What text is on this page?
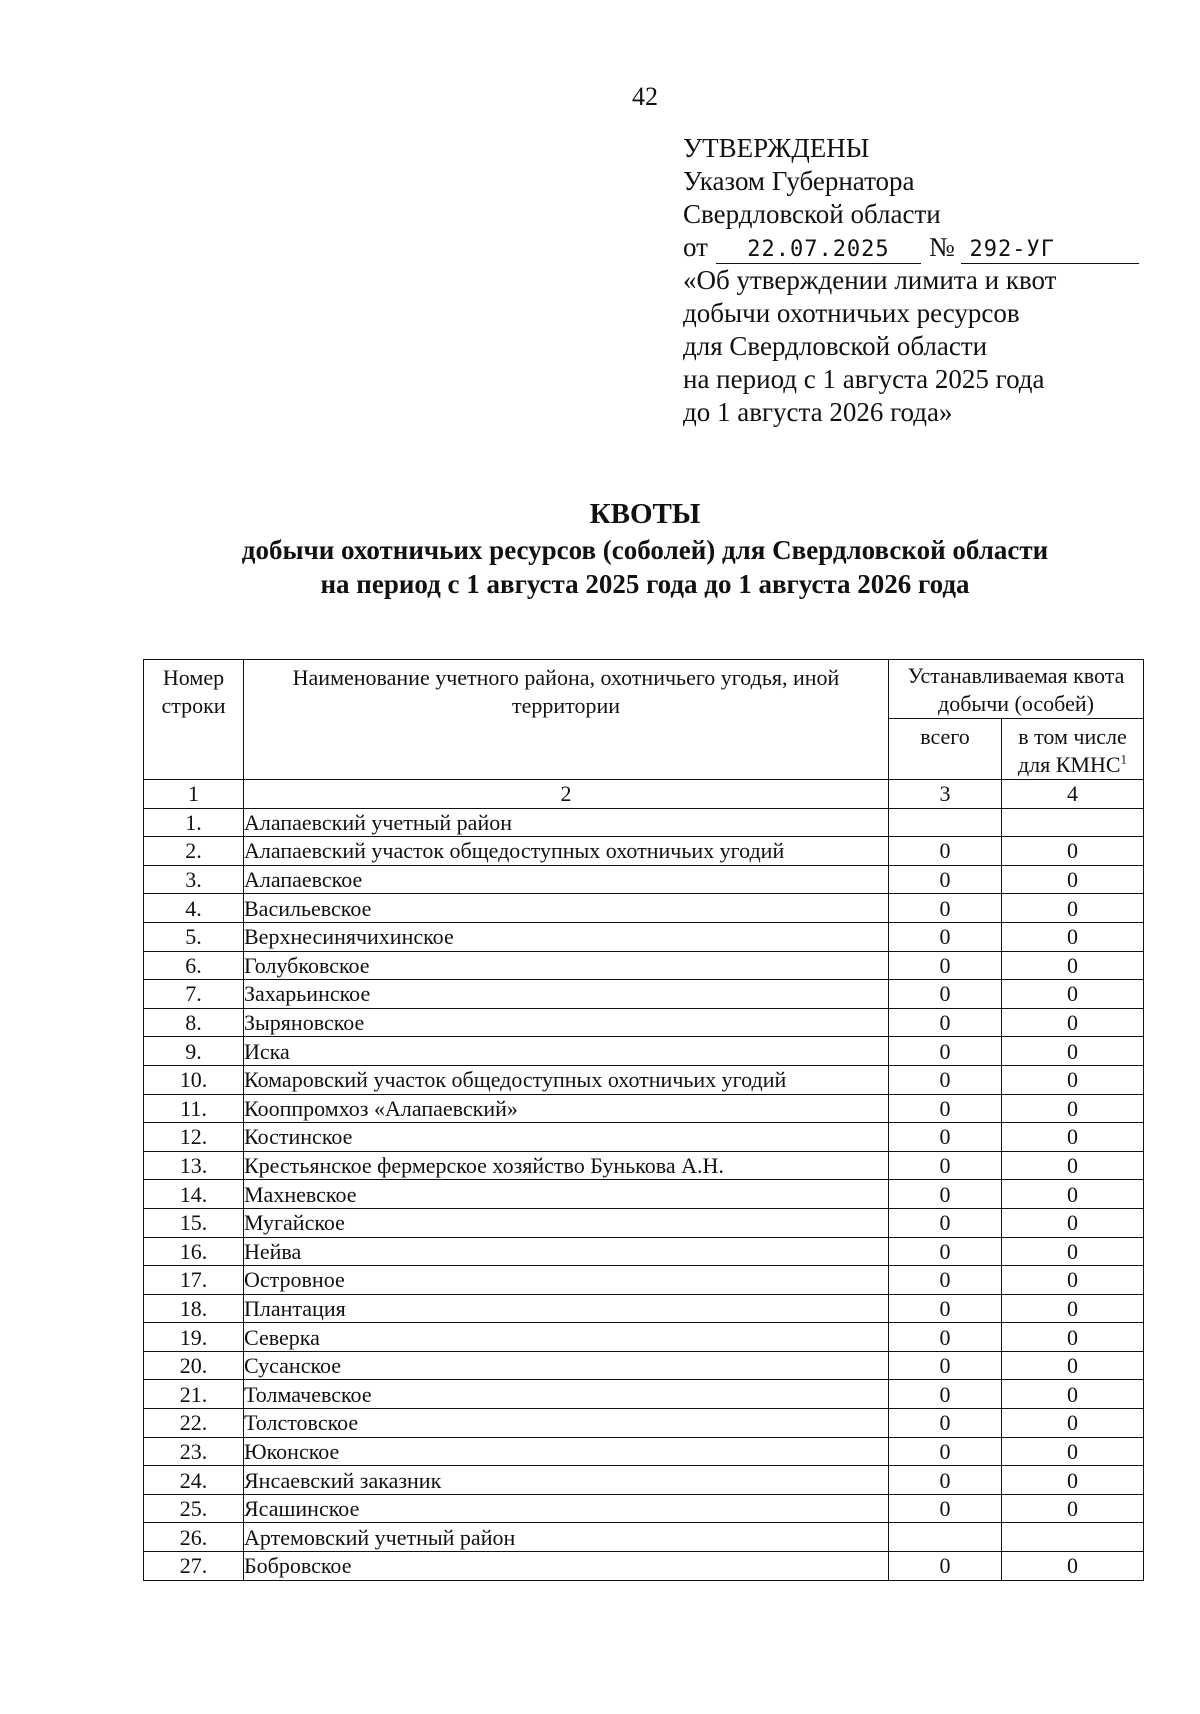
42
УТВЕРЖДЕНЫ
Указом Губернатора
Свердловской области
от 22.07.2025 № 292-УГ
«Об утверждении лимита и квот
добычи охотничьих ресурсов
для Свердловской области
на период с 1 августа 2025 года
до 1 августа 2026 года»
КВОТЫ
добычи охотничьих ресурсов (соболей) для Свердловской области
на период с 1 августа 2025 года до 1 августа 2026 года
Номер строки	Наименование учетного района, охотничьего угодья, иной территории	Устанавливаемая квота добычи (особей)	

		всего	в том числе для КМНС$^1$
1	2	3	4
1.	Алапаевский учетный район		
2.	Алапаевский участок общедоступных охотничьих угодий	0	0
3.	Алапаевское	0	0
4.	Васильевское	0	0
5.	Верхнесинячихинское	0	0
6.	Голубковское	0	0
7.	Захарьинское	0	0
8.	Зыряновское	0	0
9.	Иска	0	0
10.	Комаровский участок общедоступных охотничьих угодий	0	0
11.	Кооппромхоз «Алапаевский»	0	0
12.	Костинское	0	0
13.	Крестьянское фермерское хозяйство Бунькова А.Н.	0	0
14.	Махневское	0	0
15.	Мугайское	0	0
16.	Нейва	0	0
17.	Островное	0	0
18.	Плантация	0	0
19.	Северка	0	0
20.	Сусанское	0	0
21.	Толмачевское	0	0
22.	Толстовское	0	0
23.	Юконское	0	0
24.	Янсаевский заказник	0	0
25.	Ясашинское	0	0
26.	Артемовский учетный район		
27.	Бобровское	0	0
